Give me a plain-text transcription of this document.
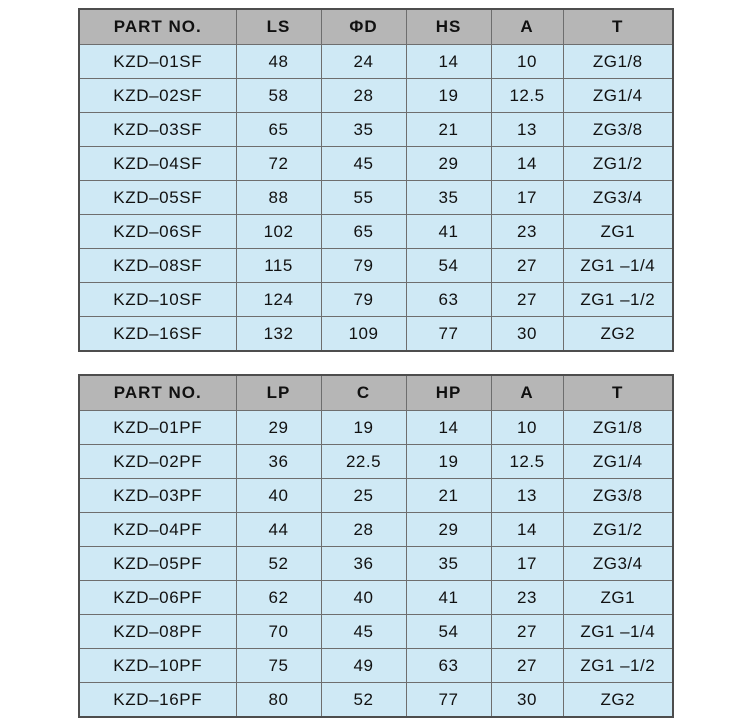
PART NO.	LS	ΦD	HS	A	T
KZD–01SF	48	24	14	10	ZG1/8
KZD–02SF	58	28	19	12.5	ZG1/4
KZD–03SF	65	35	21	13	ZG3/8
KZD–04SF	72	45	29	14	ZG1/2
KZD–05SF	88	55	35	17	ZG3/4
KZD–06SF	102	65	41	23	ZG1
KZD–08SF	115	79	54	27	ZG1 –1/4
KZD–10SF	124	79	63	27	ZG1 –1/2
KZD–16SF	132	109	77	30	ZG2
PART NO.	LP	C	HP	A	T
KZD–01PF	29	19	14	10	ZG1/8
KZD–02PF	36	22.5	19	12.5	ZG1/4
KZD–03PF	40	25	21	13	ZG3/8
KZD–04PF	44	28	29	14	ZG1/2
KZD–05PF	52	36	35	17	ZG3/4
KZD–06PF	62	40	41	23	ZG1
KZD–08PF	70	45	54	27	ZG1 –1/4
KZD–10PF	75	49	63	27	ZG1 –1/2
KZD–16PF	80	52	77	30	ZG2
